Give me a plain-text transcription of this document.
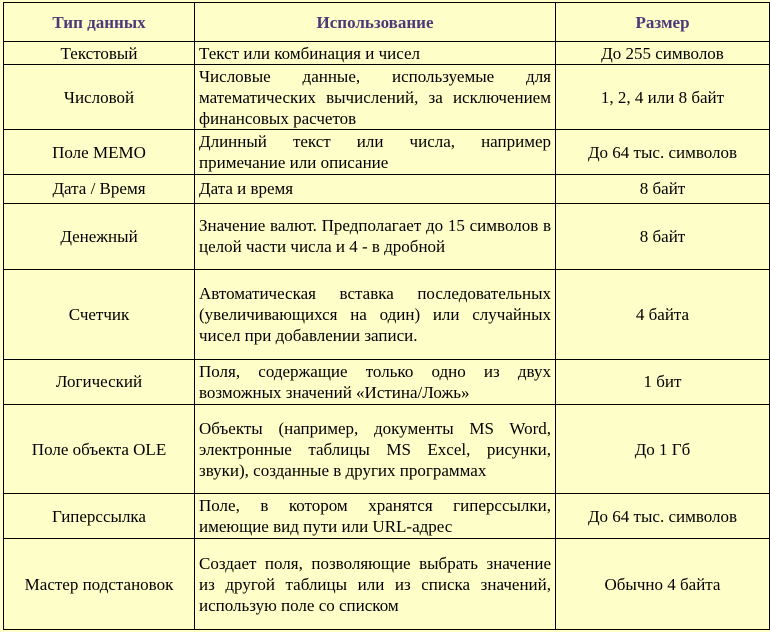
Тип данных	Использование	Размер
Текстовый	Текст или комбинация и чисел	До 255 символов
Числовой	Числовые данные, используемые для математических вычислений, за исключением финансовых расчетов	1, 2, 4 или 8 байт
Поле МЕМО	Длинный текст или числа, например примечание или описание	До 64 тыс. символов
Дата / Время	Дата и время	8 байт
Денежный	Значение валют. Предполагает до 15 символов в целой части числа и 4 - в дробной	8 байт
Счетчик	Автоматическая вставка последовательных (увеличивающихся на один) или случайных чисел при добавлении записи.	4 байта
Логический	Поля, содержащие только одно из двух возможных значений «Истина/Ложь»	1 бит
Поле объекта OLE	Объекты (например, документы MS Word, электронные таблицы MS Excel, рисунки, звуки), созданные в других программах	До 1 Гб
Гиперссылка	Поле, в котором хранятся гиперссылки, имеющие вид пути или URL-адрес	До 64 тыс. символов
Мастер подстановок	Создает поля, позволяющие выбрать значение из другой таблицы или из списка значений, использую поле со списком	Обычно 4 байта
